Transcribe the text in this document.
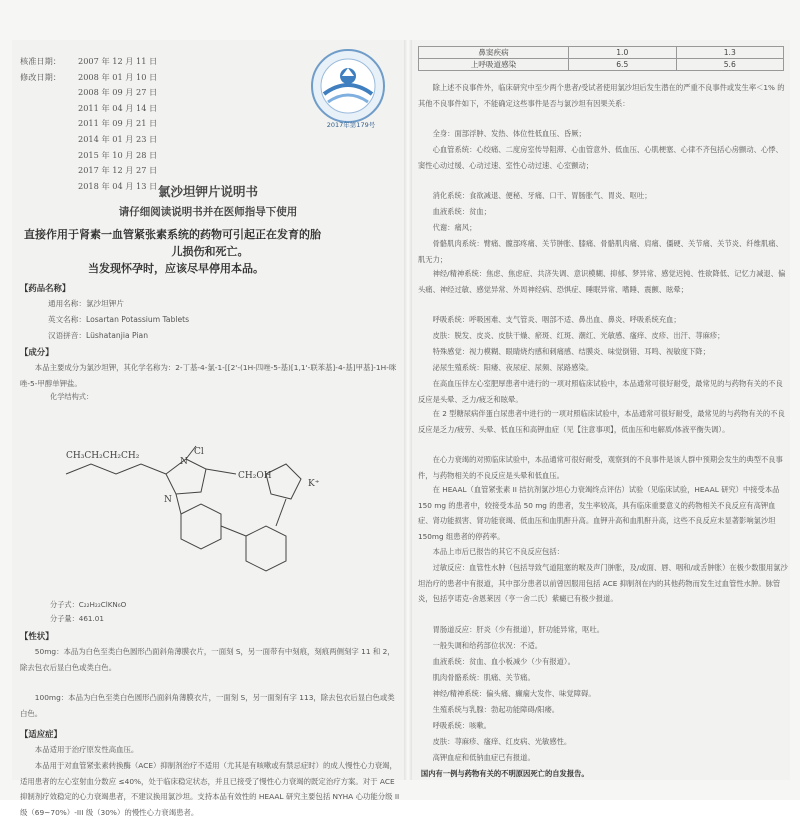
核准日期：	2007 年 12 月 11 日
修改日期：	2008 年 01 月 10 日
2008 年 09 月 27 日
2011 年 04 月 14 日
2011 年 09 月 21 日
2014 年 01 月 23 日
2015 年 10 月 28 日
2017 年 12 月 27 日
2018 年 04 月 13 日
2017年第179号
氯沙坦钾片说明书
请仔细阅读说明书并在医师指导下使用

直接作用于肾素一血管紧张素系统的药物可引起正在发育的胎

儿损伤和死亡。

当发现怀孕时，应该尽早停用本品。

【药品名称】
通用名称：氯沙坦钾片
英文名称：Losartan Potassium Tablets
汉语拼音：Lüshatanjia Pian
【成分】
本品主要成分为氯沙坦钾，其化学名称为：2-丁基-4-氯-1-[[2'-(1H-四唑-5-基)[1,1'-联苯基]-4-基]甲基]-1H-咪唑-5-甲醇单钾盐。
化学结构式：
CH₃CH₂CH₂CH₂	Cl
CH₂OH
N
N
K⁺
分子式：C₂₂H₂₂ClKN₆O
分子量：461.01
【性状】
50mg：本品为白色至类白色圆形凸面斜角薄膜衣片，一面刻 S，另一面带有中刻痕，刻痕两侧刻字 11 和 2，除去包衣后显白色或类白色。
100mg：本品为白色至类白色圆形凸面斜角薄膜衣片，一面刻 S，另一面刻有字 113，除去包衣后显白色或类白色。
【适应症】
本品适用于治疗原发性高血压。
本品用于对血管紧张素转换酶（ACE）抑制剂治疗不适用（尤其是有咳嗽或有禁忌症时）的成人慢性心力衰竭，适用患者的左心室射血分数应 ≤40%，处于临床稳定状态，并且已接受了慢性心力衰竭的既定治疗方案。对于 ACE 抑制剂疗效稳定的心力衰竭患者，不建议换用氯沙坦。支持本品有效性的 HEAAL 研究主要包括 NYHA 心功能分级 II 级（69~70%）-III 级（30%）的慢性心力衰竭患者。
鼻窦疾病	1.0	1.3
上呼吸道感染	6.5	5.6
除上述不良事件外，临床研究中至少两个患者/受试者使用氯沙坦后发生潜在的严重不良事件或发生率＜1% 的其他不良事件如下，不能确定这些事件是否与氯沙坦有因果关系：
全身：面部浮肿、发热、体位性低血压、昏厥；
心血管系统：心绞痛、二度房室传导阻滞、心血管意外、低血压、心肌梗塞、心律不齐包括心房颤动、心悸、窦性心动过缓、心动过速、室性心动过速、心室颤动；
消化系统：食欲减退、便秘、牙痛、口干、胃肠胀气、胃炎、呕吐；
血液系统：贫血；
代谢：痛风；
骨骼肌肉系统：臂痛、髋部疼痛、关节肿胀、膝痛、骨骼肌肉痛、肩痛、僵硬、关节痛、关节炎、纤维肌痛、肌无力；
神经/精神系统：焦虑、焦虑症、共济失调、意识模糊、抑郁、梦异常、感觉迟钝、性欲降低、记忆力减退、偏头痛、神经过敏、感觉异常、外周神经病、恐惧症、睡眠异常、嗜睡、震颤、眩晕；
呼吸系统：呼吸困难、支气管炎、咽部不适、鼻出血、鼻炎、呼吸系统充血；
皮肤：脱发、皮炎、皮肤干燥、瘀斑、红斑、潮红、光敏感、瘙痒、皮疹、出汗、荨麻疹；
特殊感觉：视力模糊、眼睛烧灼感和刺痛感、结膜炎、味觉倒错、耳鸣、视敏度下降；
泌尿生殖系统：阳痿、夜尿症、尿频、尿路感染。
在高血压伴左心室肥厚患者中进行的一项对照临床试验中，本品通常可很好耐受，最常见的与药物有关的不良反应是头晕、乏力/疲乏和眩晕。
在 2 型糖尿病伴蛋白尿患者中进行的一项对照临床试验中，本品通常可很好耐受，最常见的与药物有关的不良反应是乏力/疲劳、头晕、低血压和高钾血症（见【注意事项】，低血压和电解质/体液平衡失调）。
在心力衰竭的对照临床试验中，本品通常可很好耐受，观察到的不良事件是该人群中预期会发生的典型不良事件，与药物相关的不良反应是头晕和低血压。
在 HEAAL（血管紧张素 II 拮抗剂氯沙坦心力衰竭终点评估）试验（见临床试验，HEAAL 研究）中接受本品 150 mg 的患者中，较接受本品 50 mg 的患者，发生率较高，具有临床重要意义的药物相关不良反应有高钾血症、肾功能损害、肾功能衰竭、低血压和血肌酐升高。血钾升高和血肌酐升高，这些不良反应未显著影响氯沙坦 150mg 组患者的停药率。
本品上市后已报告的其它不良反应包括：
过敏反应：血管性水肿（包括导致气道阻塞的喉及声门肿胀，及/或面、唇、咽和/或舌肿胀）在极少数服用氯沙坦治疗的患者中有报道，其中部分患者以前曾因服用包括 ACE 抑制剂在内的其他药物而发生过血管性水肿。脉管炎，包括亨诺克-舍恩莱因（亨一舍二氏）紫癜已有极少报道。
胃肠道反应：肝炎（少有报道），肝功能异常，呕吐。
一般失调和给药部位状况：不适。
血液系统：贫血、血小板减少（少有报道）。
肌肉骨骼系统：肌痛、关节痛。
神经/精神系统：偏头痛、癫痫大发作、味觉障碍。
生殖系统与乳腺：勃起功能障碍/阳痿。
呼吸系统：咳嗽。
皮肤：荨麻疹、瘙痒、红皮病、光敏感性。
高钾血症和低钠血症已有报道。
国内有一例与药物有关的不明原因死亡的自发报告。
